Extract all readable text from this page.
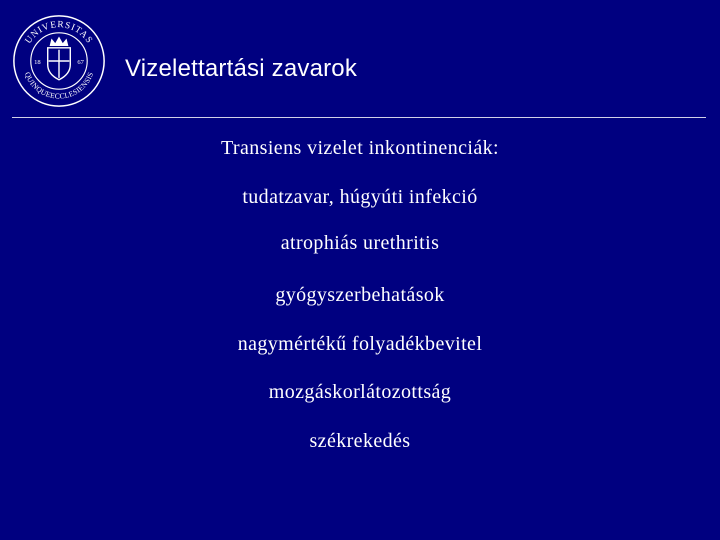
UNIVERSITAS
QUINQUEECCLESIENSIS
18	67 Vizelettartási zavarok
Transiens vizelet inkontinenciák:
tudatzavar, húgyúti infekció
atrophiás urethritis
gyógyszerbehatások
nagymértékű folyadékbevitel
mozgáskorlátozottság
székrekedés
